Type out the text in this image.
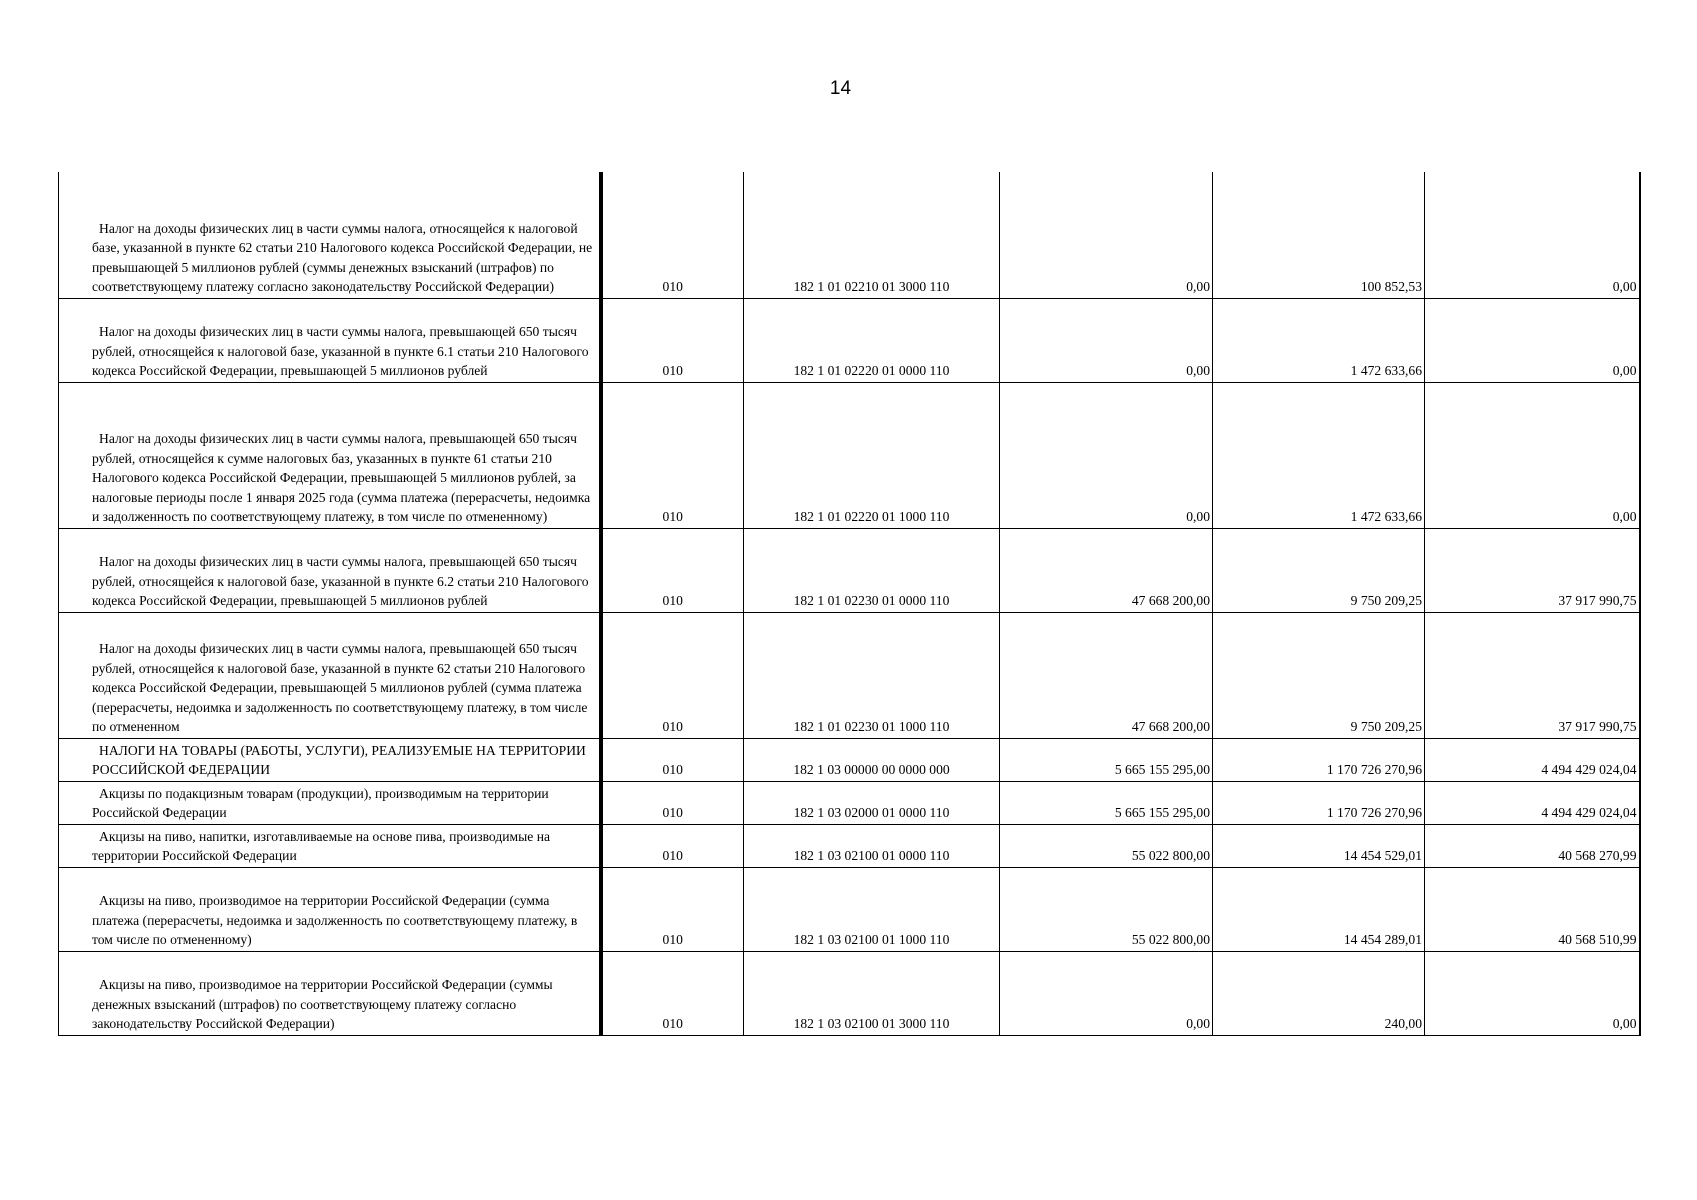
14
Налог на доходы физических лиц в части суммы налога, относящейся к налоговой базе, указанной в пункте 62 статьи 210 Налогового кодекса Российской Федерации, не превышающей 5 миллионов рублей (суммы денежных взысканий (штрафов) по соответствующему платежу согласно законодательству Российской Федерации)	010	182 1 01 02210 01 3000 110	0,00	100 852,53	0,00

Налог на доходы физических лиц в части суммы налога, превышающей 650 тысяч рублей, относящейся к налоговой базе, указанной в пункте 6.1 статьи 210 Налогового кодекса Российской Федерации, превышающей 5 миллионов рублей	010	182 1 01 02220 01 0000 110	0,00	1 472 633,66	0,00

Налог на доходы физических лиц в части суммы налога, превышающей 650 тысяч рублей, относящейся к сумме налоговых баз, указанных в пункте 61 статьи 210 Налогового кодекса Российской Федерации, превышающей 5 миллионов рублей, за налоговые периоды после 1 января 2025 года (сумма платежа (перерасчеты, недоимка и задолженность по соответствующему платежу, в том числе по отмененному)	010	182 1 01 02220 01 1000 110	0,00	1 472 633,66	0,00

Налог на доходы физических лиц в части суммы налога, превышающей 650 тысяч рублей, относящейся к налоговой базе, указанной в пункте 6.2 статьи 210 Налогового кодекса Российской Федерации, превышающей 5 миллионов рублей	010	182 1 01 02230 01 0000 110	47 668 200,00	9 750 209,25	37 917 990,75

Налог на доходы физических лиц в части суммы налога, превышающей 650 тысяч рублей, относящейся к налоговой базе, указанной в пункте 62 статьи 210 Налогового кодекса Российской Федерации, превышающей 5 миллионов рублей (сумма платежа (перерасчеты, недоимка и задолженность по соответствующему платежу, в том числе по отмененном	010	182 1 01 02230 01 1000 110	47 668 200,00	9 750 209,25	37 917 990,75

НАЛОГИ НА ТОВАРЫ (РАБОТЫ, УСЛУГИ), РЕАЛИЗУЕМЫЕ НА ТЕРРИТОРИИ РОССИЙСКОЙ ФЕДЕРАЦИИ	010	182 1 03 00000 00 0000 000	5 665 155 295,00	1 170 726 270,96	4 494 429 024,04

Акцизы по подакцизным товарам (продукции), производимым на территории Российской Федерации	010	182 1 03 02000 01 0000 110	5 665 155 295,00	1 170 726 270,96	4 494 429 024,04

Акцизы на пиво, напитки, изготавливаемые на основе пива, производимые на территории Российской Федерации	010	182 1 03 02100 01 0000 110	55 022 800,00	14 454 529,01	40 568 270,99

Акцизы на пиво, производимое на территории Российской Федерации (сумма платежа (перерасчеты, недоимка и задолженность по соответствующему платежу, в том числе по отмененному)	010	182 1 03 02100 01 1000 110	55 022 800,00	14 454 289,01	40 568 510,99

Акцизы на пиво, производимое на территории Российской Федерации (суммы денежных взысканий (штрафов) по соответствующему платежу согласно законодательству Российской Федерации)	010	182 1 03 02100 01 3000 110	0,00	240,00	0,00
